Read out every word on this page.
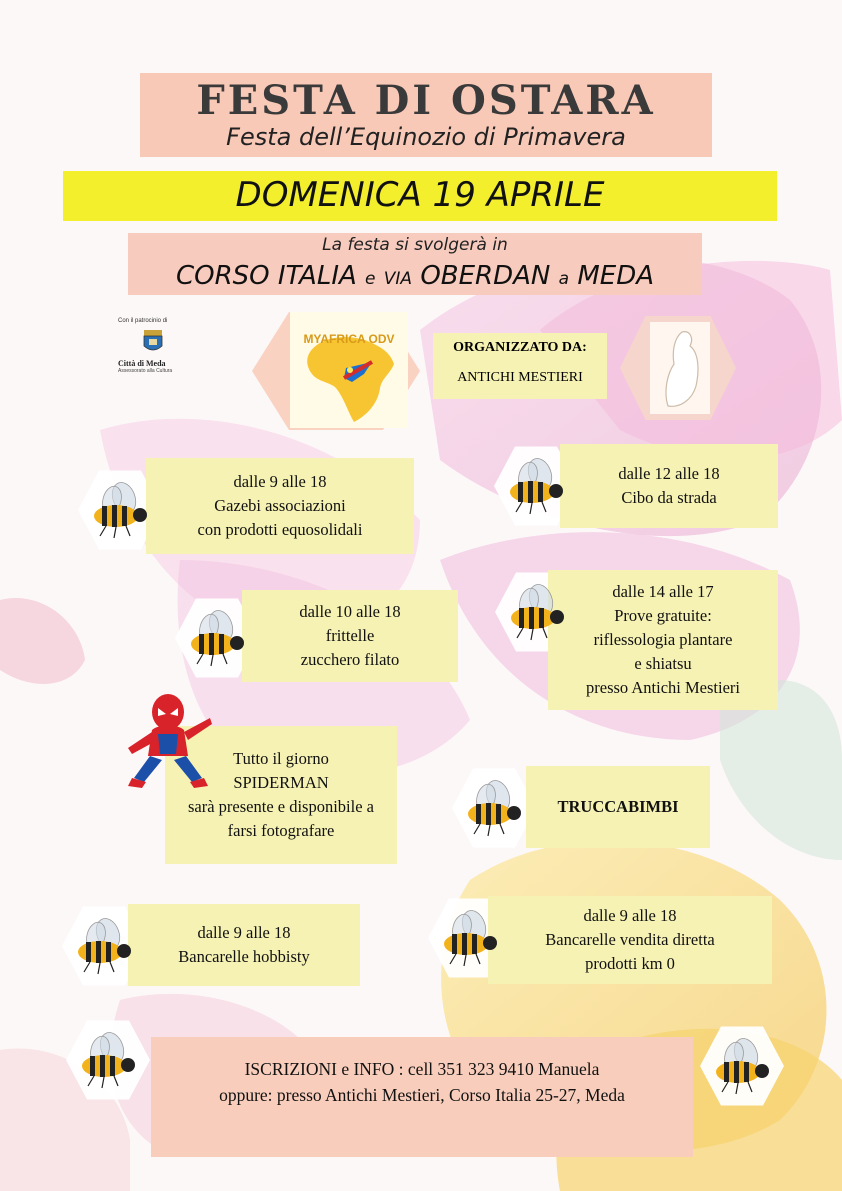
FESTA DI OSTARA
Festa dell’Equinozio di Primavera
DOMENICA 19 APRILE
La festa si svolgerà in
CORSO ITALIA e VIA OBERDAN a MEDA
Con il patrocinio di
Città di Meda
Assessorato alla Cultura
MYAFRICA ODV
ORGANIZZATO DA:
ANTICHI MESTIERI
dalle 9 alle 18
Gazebi associazioni
con prodotti equosolidali
dalle 12 alle 18
Cibo da strada
dalle 10 alle 18
frittelle
zucchero filato
dalle 14 alle 17
Prove gratuite:
riflessologia plantare
e shiatsu
presso Antichi Mestieri
Tutto il giorno
SPIDERMAN
sarà presente e disponibile a
farsi fotografare
TRUCCABIMBI
dalle 9 alle 18
Bancarelle hobbisty
dalle 9 alle 18
Bancarelle vendita diretta
prodotti km 0
ISCRIZIONI e INFO : cell 351 323 9410 Manuela
oppure: presso Antichi Mestieri, Corso Italia 25-27, Meda
